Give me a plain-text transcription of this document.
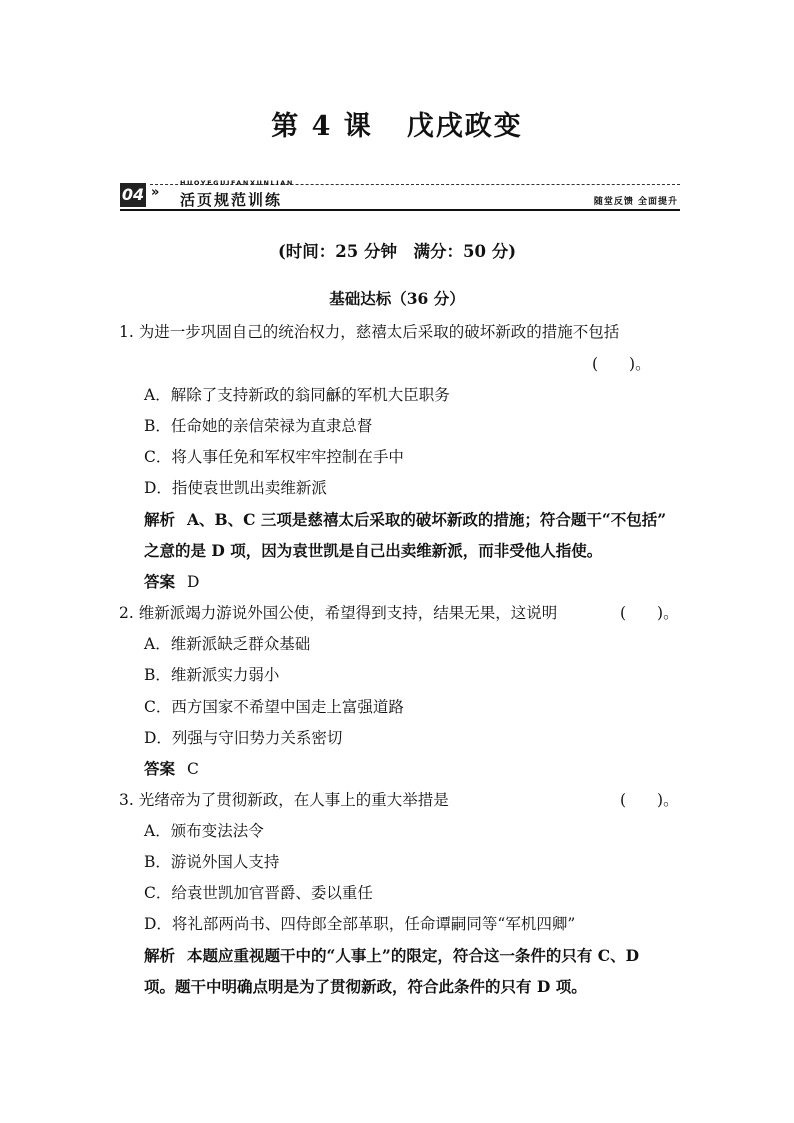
第 4 课 戊戌政变
04 »
HUOYEGUIFANXUNLIAN
活页规范训练	随堂反馈 全面提升
(时间：25 分钟　满分：50 分)
基础达标（36 分）
1. 为进一步巩固自己的统治权力，慈禧太后采取的破坏新政的措施不包括
(　　)。
A．解除了支持新政的翁同龢的军机大臣职务
B．任命她的亲信荣禄为直隶总督
C．将人事任免和军权牢牢控制在手中
D．指使袁世凯出卖维新派
解析 A、B、C 三项是慈禧太后采取的破坏新政的措施；符合题干“不包括”
之意的是 D 项，因为袁世凯是自己出卖维新派，而非受他人指使。
答案 D
2. 维新派竭力游说外国公使，希望得到支持，结果无果，这说明	(　　)。
A．维新派缺乏群众基础
B．维新派实力弱小
C．西方国家不希望中国走上富强道路
D．列强与守旧势力关系密切
答案 C
3. 光绪帝为了贯彻新政，在人事上的重大举措是	(　　)。
A．颁布变法法令
B．游说外国人支持
C．给袁世凯加官晋爵、委以重任
D．将礼部两尚书、四侍郎全部革职，任命谭嗣同等“军机四卿”
解析 本题应重视题干中的“人事上”的限定，符合这一条件的只有 C、D
项。题干中明确点明是为了贯彻新政，符合此条件的只有 D 项。
